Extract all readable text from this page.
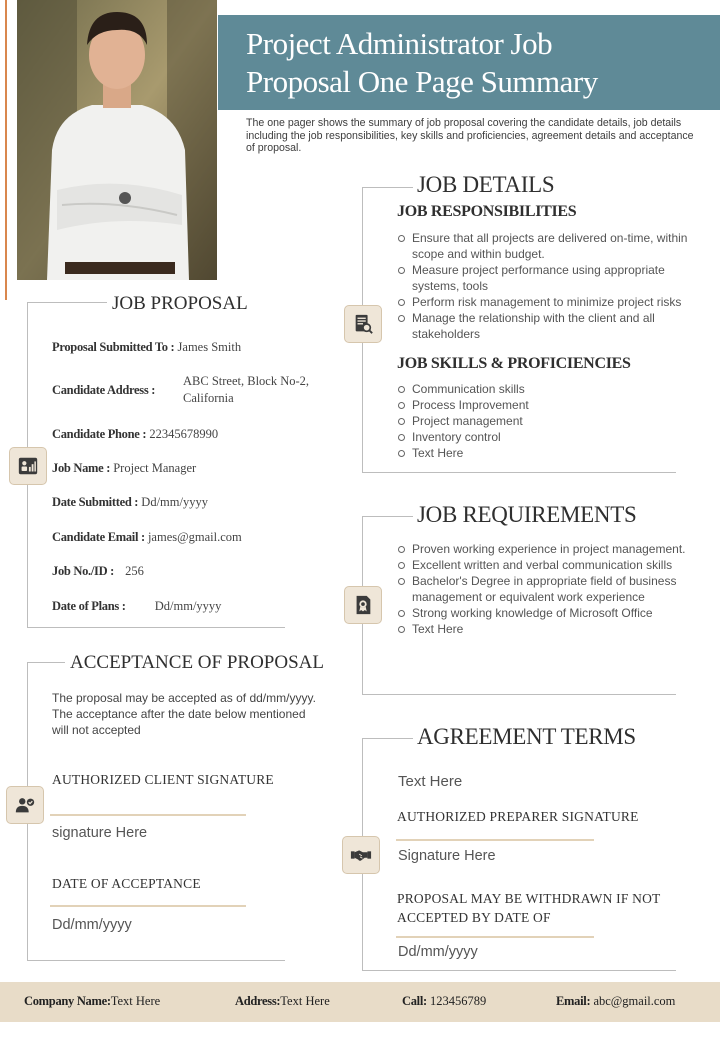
Project Administrator Job
Proposal One Page Summary
The one pager shows the summary of job proposal covering the candidate details, job details including the job responsibilities, key skills and proficiencies, agreement details and acceptance of proposal.
JOB DETAILS
JOB RESPONSIBILITIES
Ensure that all projects are delivered on-time, within scope and within budget.
Measure project performance using appropriate systems, tools
Perform risk management to minimize project risks
Manage the relationship with the client and all stakeholders
JOB SKILLS & PROFICIENCIES
Communication skills
Process Improvement
Project management
Inventory control
Text Here
JOB PROPOSAL
Proposal Submitted To : James Smith
Candidate Address :
ABC Street, Block No-2, California
Candidate Phone : 22345678990
Job Name : Project Manager
Date Submitted : Dd/mm/yyyy
Candidate Email : james@gmail.com
Job No./ID : 256
Date of Plans : Dd/mm/yyyy
JOB REQUIREMENTS
Proven working experience in project management.
Excellent written and verbal communication skills
Bachelor's Degree in appropriate field of business management or equivalent work experience
Strong working knowledge of Microsoft Office
Text Here
ACCEPTANCE OF PROPOSAL
The proposal may be accepted as of dd/mm/yyyy. The acceptance after the date below mentioned will not accepted
AUTHORIZED CLIENT SIGNATURE
signature Here
DATE OF ACCEPTANCE
Dd/mm/yyyy
AGREEMENT TERMS
Text Here
AUTHORIZED PREPARER SIGNATURE
Signature Here
PROPOSAL MAY BE WITHDRAWN IF NOT ACCEPTED BY DATE OF
Dd/mm/yyyy
Company Name:Text Here	Address:Text Here	Call: 123456789	Email: abc@gmail.com
